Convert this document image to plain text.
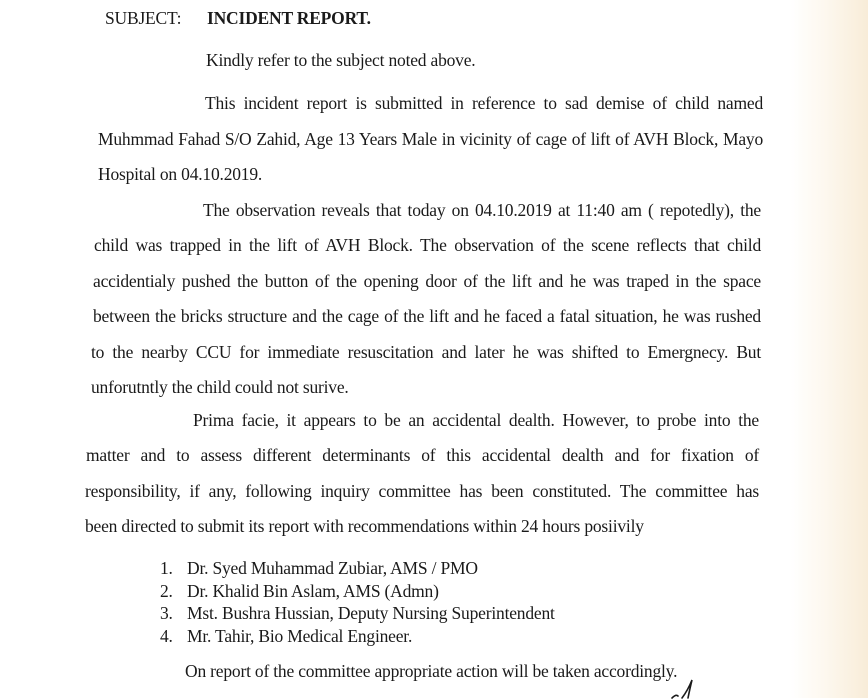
SUBJECT: INCIDENT REPORT.
Kindly refer to the subject noted above.
This incident report is submitted in reference to sad demise of child named
Muhmmad Fahad S/O Zahid, Age 13 Years Male in vicinity of cage of lift of AVH Block, Mayo
Hospital on 04.10.2019.
The observation reveals that today on 04.10.2019 at 11:40 am ( repotedly), the
child was trapped in the lift of AVH Block. The observation of the scene reflects that child
accidentialy pushed the button of the opening door of the lift and he was traped in the space
between the bricks structure and the cage of the lift and he faced a fatal situation, he was rushed
to the nearby CCU for immediate resuscitation and later he was shifted to Emergnecy. But
unforutntly the child could not surive.
Prima facie, it appears to be an accidental dealth. However, to probe into the
matter and to assess different determinants of this accidental dealth and for fixation of
responsibility, if any, following inquiry committee has been constituted. The committee has
been directed to submit its report with recommendations within 24 hours posiivily
1. Dr. Syed Muhammad Zubiar, AMS / PMO
2. Dr. Khalid Bin Aslam, AMS (Admn)
3. Mst. Bushra Hussian, Deputy Nursing Superintendent
4. Mr. Tahir, Bio Medical Engineer.
On report of the committee appropriate action will be taken accordingly.
